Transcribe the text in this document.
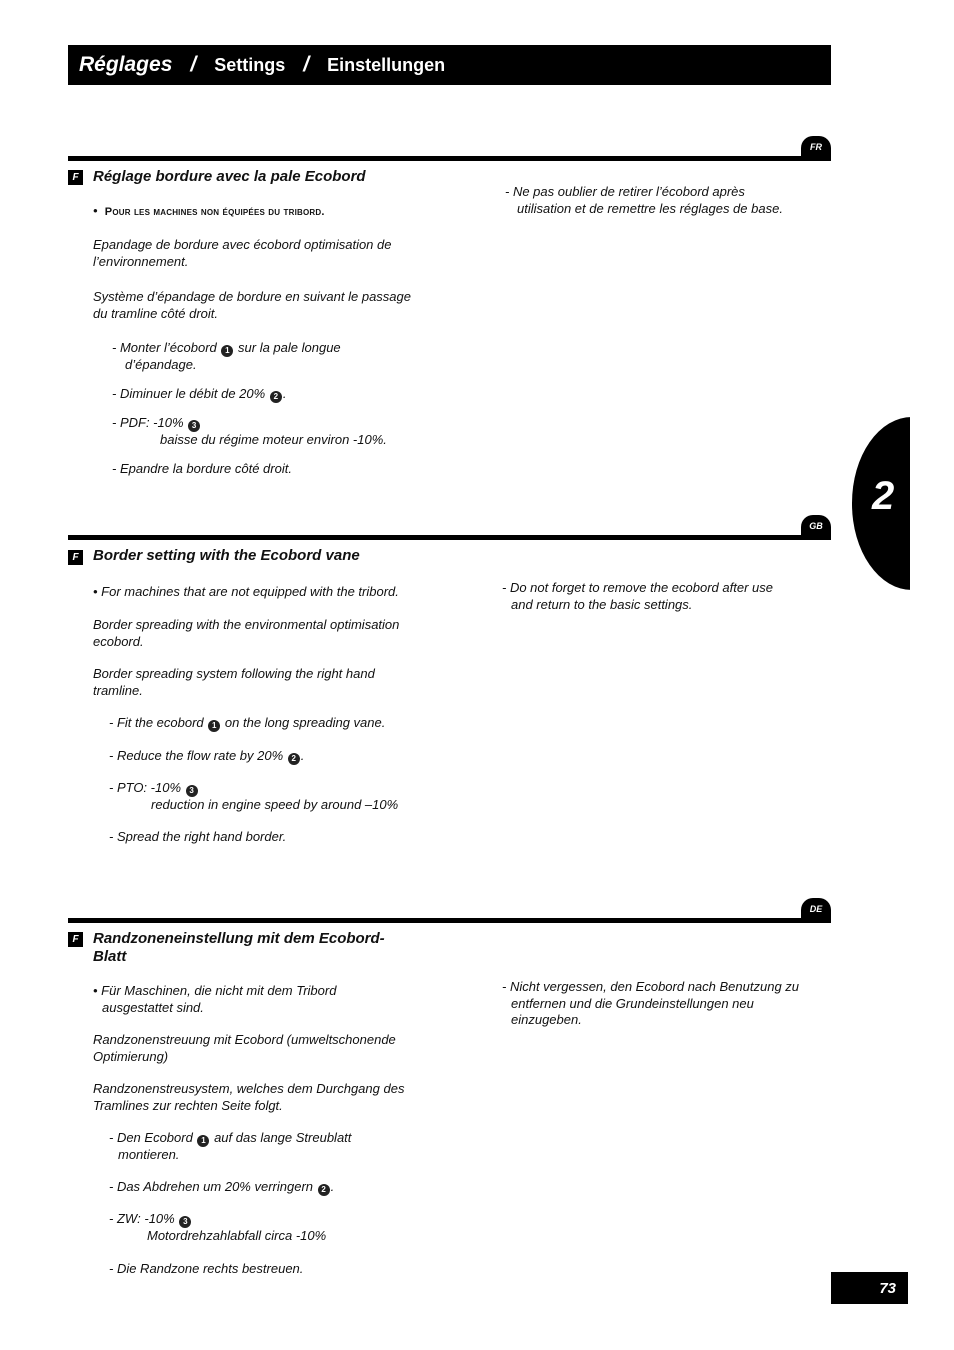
Réglages / Settings / Einstellungen
2
FR
F Réglage bordure avec la pale Ecobord
• Pour les machines non équipées du tribord.
Epandage de bordure avec écobord optimisation de
l’environnement.
Système d’épandage de bordure en suivant le passage
du tramline côté droit.
- Monter l’écobord 1 sur la pale longue
d’épandage.
- Diminuer le débit de 20% 2 .
- PDF: -10% 3
baisse du régime moteur environ -10%.
- Epandre la bordure côté droit.
- Ne pas oublier de retirer l’écobord après
utilisation et de remettre les réglages de base.
GB
F Border setting with the Ecobord vane
• For machines that are not equipped with the tribord.
Border spreading with the environmental optimisation
ecobord.
Border spreading system following the right hand
tramline.
- Fit the ecobord 1 on the long spreading vane.
- Reduce the flow rate by 20% 2 .
- PTO: -10% 3
reduction in engine speed by around –10%
- Spread the right hand border.
- Do not forget to remove the ecobord after use
and return to the basic settings.
DE
F Randzoneneinstellung mit dem Ecobord-
Blatt
• Für Maschinen, die nicht mit dem Tribord
ausgestattet sind.
Randzonenstreuung mit Ecobord (umweltschonende
Optimierung)
Randzonenstreusystem, welches dem Durchgang des
Tramlines zur rechten Seite folgt.
- Den Ecobord 1 auf das lange Streublatt
montieren.
- Das Abdrehen um 20% verringern 2 .
- ZW: -10% 3
Motordrehzahlabfall circa -10%
- Die Randzone rechts bestreuen.
- Nicht vergessen, den Ecobord nach Benutzung zu
entfernen und die Grundeinstellungen neu
einzugeben.
73
